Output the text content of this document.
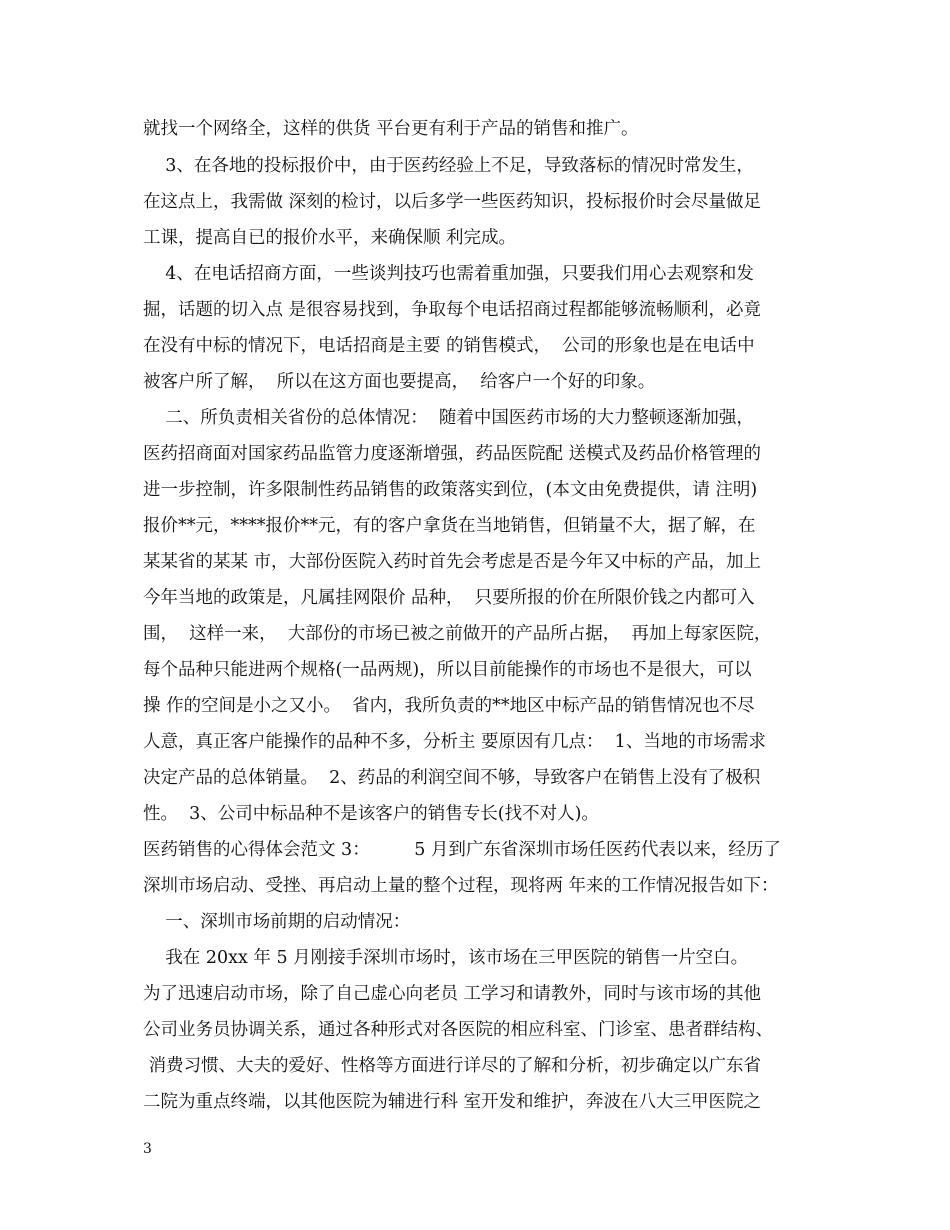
就找一个网络全，这样的供货 平台更有利于产品的销售和推广。
3、在各地的投标报价中，由于医药经验上不足，导致落标的情况时常发生，
在这点上，我需做 深刻的检讨，以后多学一些医药知识，投标报价时会尽量做足
工课，提高自已的报价水平，来确保顺 利完成。
4、在电话招商方面，一些谈判技巧也需着重加强，只要我们用心去观察和发
掘，话题的切入点 是很容易找到，争取每个电话招商过程都能够流畅顺利，必竟
在没有中标的情况下，电话招商是主要 的销售模式，  公司的形象也是在电话中
被客户所了解，  所以在这方面也要提高，  给客户一个好的印象。
二、所负责相关省份的总体情况：  随着中国医药市场的大力整顿逐渐加强，
医药招商面对国家药品监管力度逐渐增强，药品医院配 送模式及药品价格管理的
进一步控制，许多限制性药品销售的政策落实到位，(本文由免费提供，请 注明)
报价**元，****报价**元，有的客户拿货在当地销售，但销量不大，据了解，在
某某省的某某 市，大部份医院入药时首先会考虑是否是今年又中标的产品，加上
今年当地的政策是，凡属挂网限价 品种，  只要所报的价在所限价钱之内都可入
围，  这样一来，  大部份的市场已被之前做开的产品所占据，  再加上每家医院，
每个品种只能进两个规格(一品两规)，所以目前能操作的市场也不是很大，可以
操 作的空间是小之又小。  省内，我所负责的**地区中标产品的销售情况也不尽
人意，真正客户能操作的品种不多，分析主 要原因有几点：  1、当地的市场需求
决定产品的总体销量。  2、药品的利润空间不够，导致客户在销售上没有了极积
性。  3、公司中标品种不是该客户的销售专长(找不对人)。
医药销售的心得体会范文 3：        5 月到广东省深圳市场任医药代表以来，经历了
深圳市场启动、受挫、再启动上量的整个过程，现将两 年来的工作情况报告如下：
一、深圳市场前期的启动情况：
我在 20xx 年 5 月刚接手深圳市场时，该市场在三甲医院的销售一片空白。
为了迅速启动市场，除了自己虚心向老员 工学习和请教外，同时与该市场的其他
公司业务员协调关系，通过各种形式对各医院的相应科室、门诊室、患者群结构、
消费习惯、大夫的爱好、性格等方面进行详尽的了解和分析，初步确定以广东省
二院为重点终端，以其他医院为辅进行科 室开发和维护，奔波在八大三甲医院之
3
